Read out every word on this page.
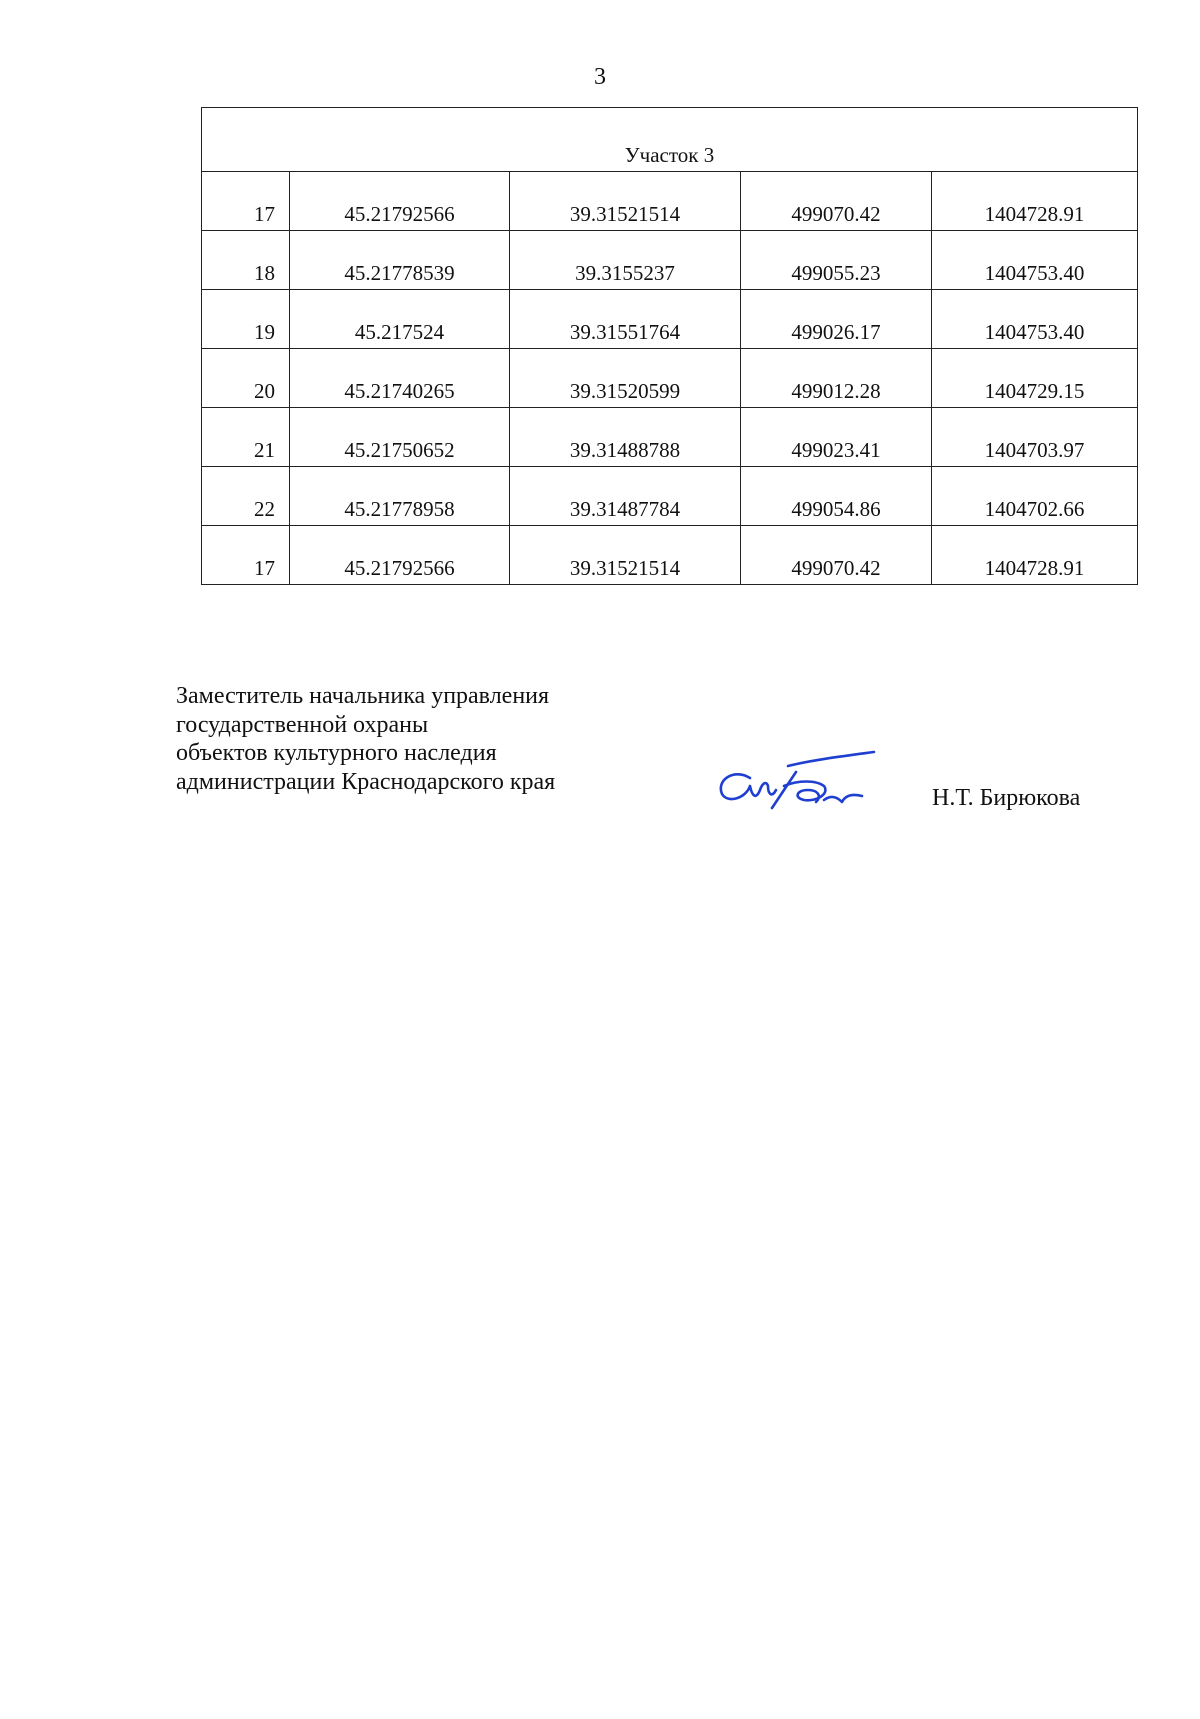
3
Участок 3				
17	45.21792566	39.31521514	499070.42	1404728.91
18	45.21778539	39.3155237	499055.23	1404753.40
19	45.217524	39.31551764	499026.17	1404753.40
20	45.21740265	39.31520599	499012.28	1404729.15
21	45.21750652	39.31488788	499023.41	1404703.97
22	45.21778958	39.31487784	499054.86	1404702.66
17	45.21792566	39.31521514	499070.42	1404728.91
Заместитель начальника управления
государственной охраны
объектов культурного наследия
администрации Краснодарского края
Н.Т. Бирюкова
